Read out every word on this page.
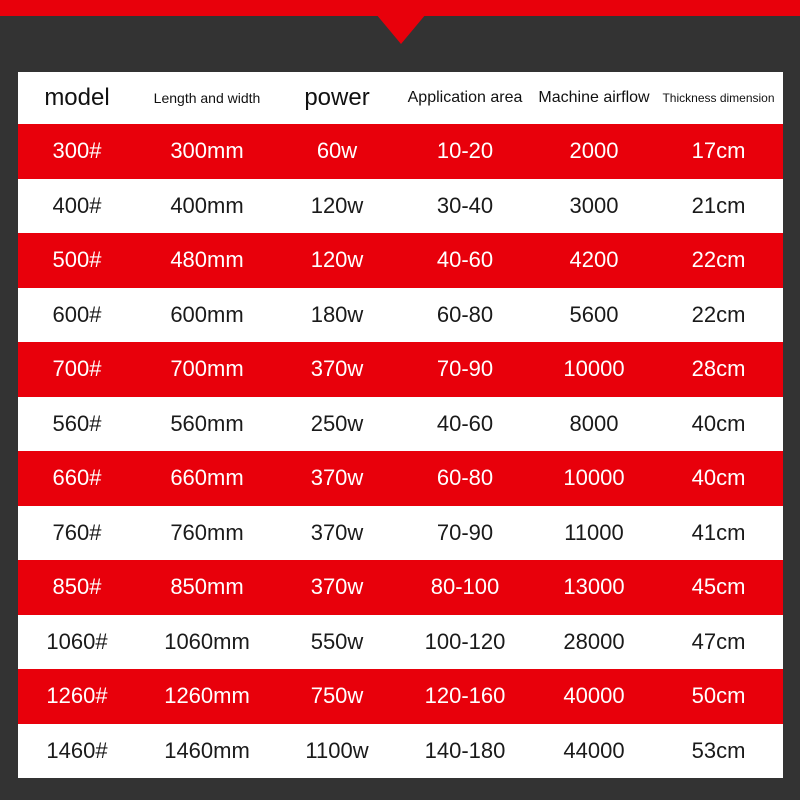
model	Length and width	power	Application area	Machine airflow	Thickness dimension
300#	300mm	60w	10-20	2000	17cm
400#	400mm	120w	30-40	3000	21cm
500#	480mm	120w	40-60	4200	22cm
600#	600mm	180w	60-80	5600	22cm
700#	700mm	370w	70-90	10000	28cm
560#	560mm	250w	40-60	8000	40cm
660#	660mm	370w	60-80	10000	40cm
760#	760mm	370w	70-90	11000	41cm
850#	850mm	370w	80-100	13000	45cm
1060#	1060mm	550w	100-120	28000	47cm
1260#	1260mm	750w	120-160	40000	50cm
1460#	1460mm	1100w	140-180	44000	53cm
